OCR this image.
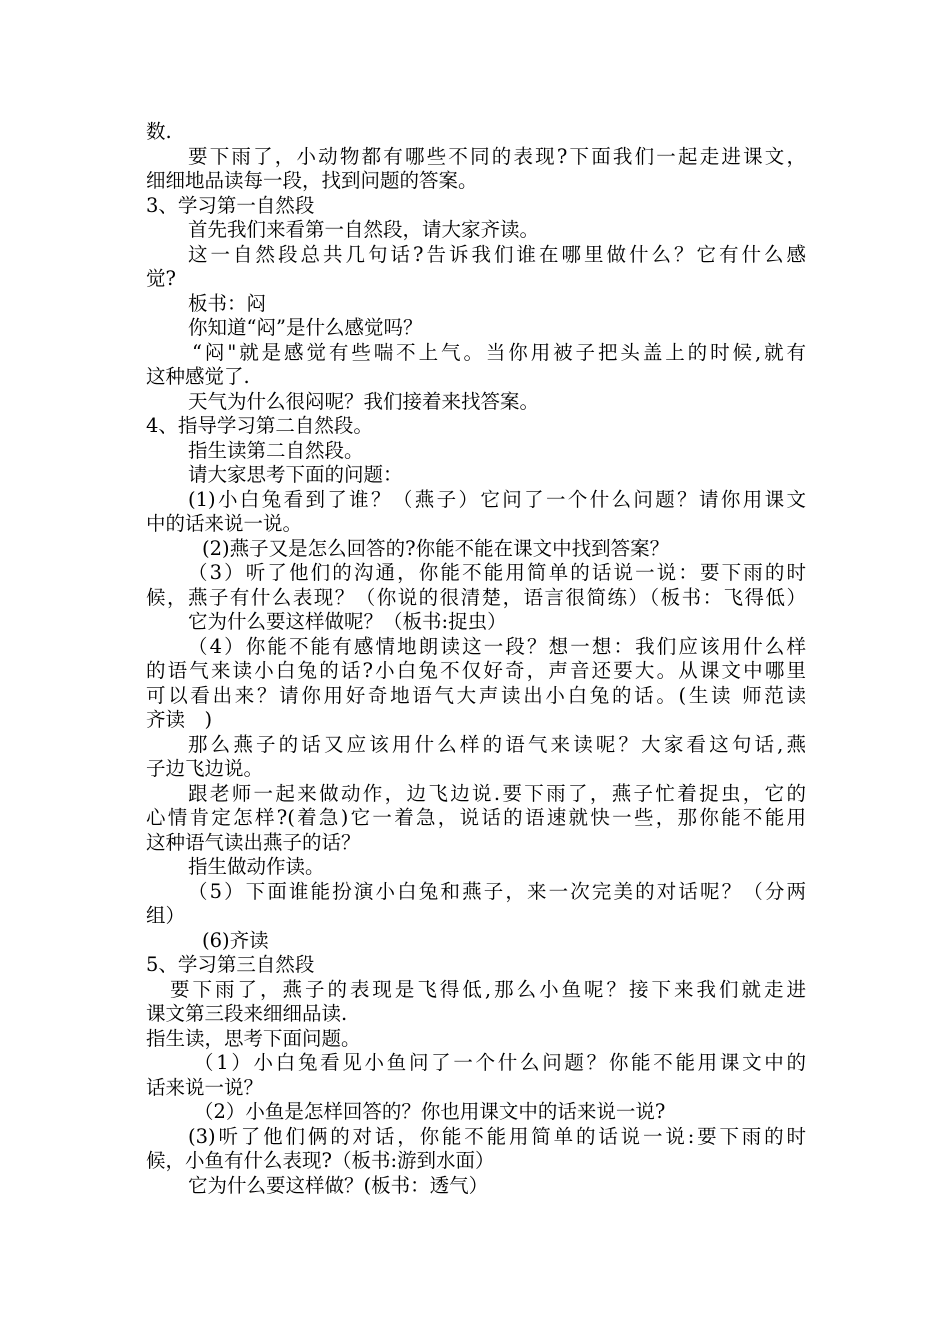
数.

要下雨了，小动物都有哪些不同的表现?下面我们一起走进课文，

细细地品读每一段，找到问题的答案。

3、学习第一自然段

首先我们来看第一自然段，请大家齐读。

这一自然段总共几句话?告诉我们谁在哪里做什么？它有什么感

觉?

板书：闷

你知道“闷”是什么感觉吗？

“闷"就是感觉有些喘不上气。当你用被子把头盖上的时候,就有

这种感觉了.

天气为什么很闷呢？我们接着来找答案。

4、指导学习第二自然段。

指生读第二自然段。

请大家思考下面的问题：

(1)小白兔看到了谁？（燕子）它问了一个什么问题？请你用课文

中的话来说一说。

(2)燕子又是怎么回答的?你能不能在课文中找到答案？

（3）听了他们的沟通，你能不能用简单的话说一说：要下雨的时

候，燕子有什么表现？（你说的很清楚，语言很简练）（板书：飞得低）

它为什么要这样做呢？（板书:捉虫）

（4）你能不能有感情地朗读这一段？想一想：我们应该用什么样

的语气来读小白兔的话?小白兔不仅好奇，声音还要大。从课文中哪里

可以看出来？请你用好奇地语气大声读出小白兔的话。(生读 师范读

齐读　)

那么燕子的话又应该用什么样的语气来读呢？大家看这句话,燕

子边飞边说。

跟老师一起来做动作，边飞边说.要下雨了，燕子忙着捉虫，它的

心情肯定怎样?(着急)它一着急，说话的语速就快一些，那你能不能用

这种语气读出燕子的话？

指生做动作读。

（5）下面谁能扮演小白兔和燕子，来一次完美的对话呢？（分两

组）

(6)齐读

5、学习第三自然段

要下雨了，燕子的表现是飞得低,那么小鱼呢？接下来我们就走进

课文第三段来细细品读.

指生读，思考下面问题。

（1）小白兔看见小鱼问了一个什么问题？你能不能用课文中的

话来说一说？

（2）小鱼是怎样回答的？你也用课文中的话来说一说?

(3)听了他们俩的对话，你能不能用简单的话说一说:要下雨的时

候，小鱼有什么表现?（板书:游到水面）

它为什么要这样做？(板书：透气）
